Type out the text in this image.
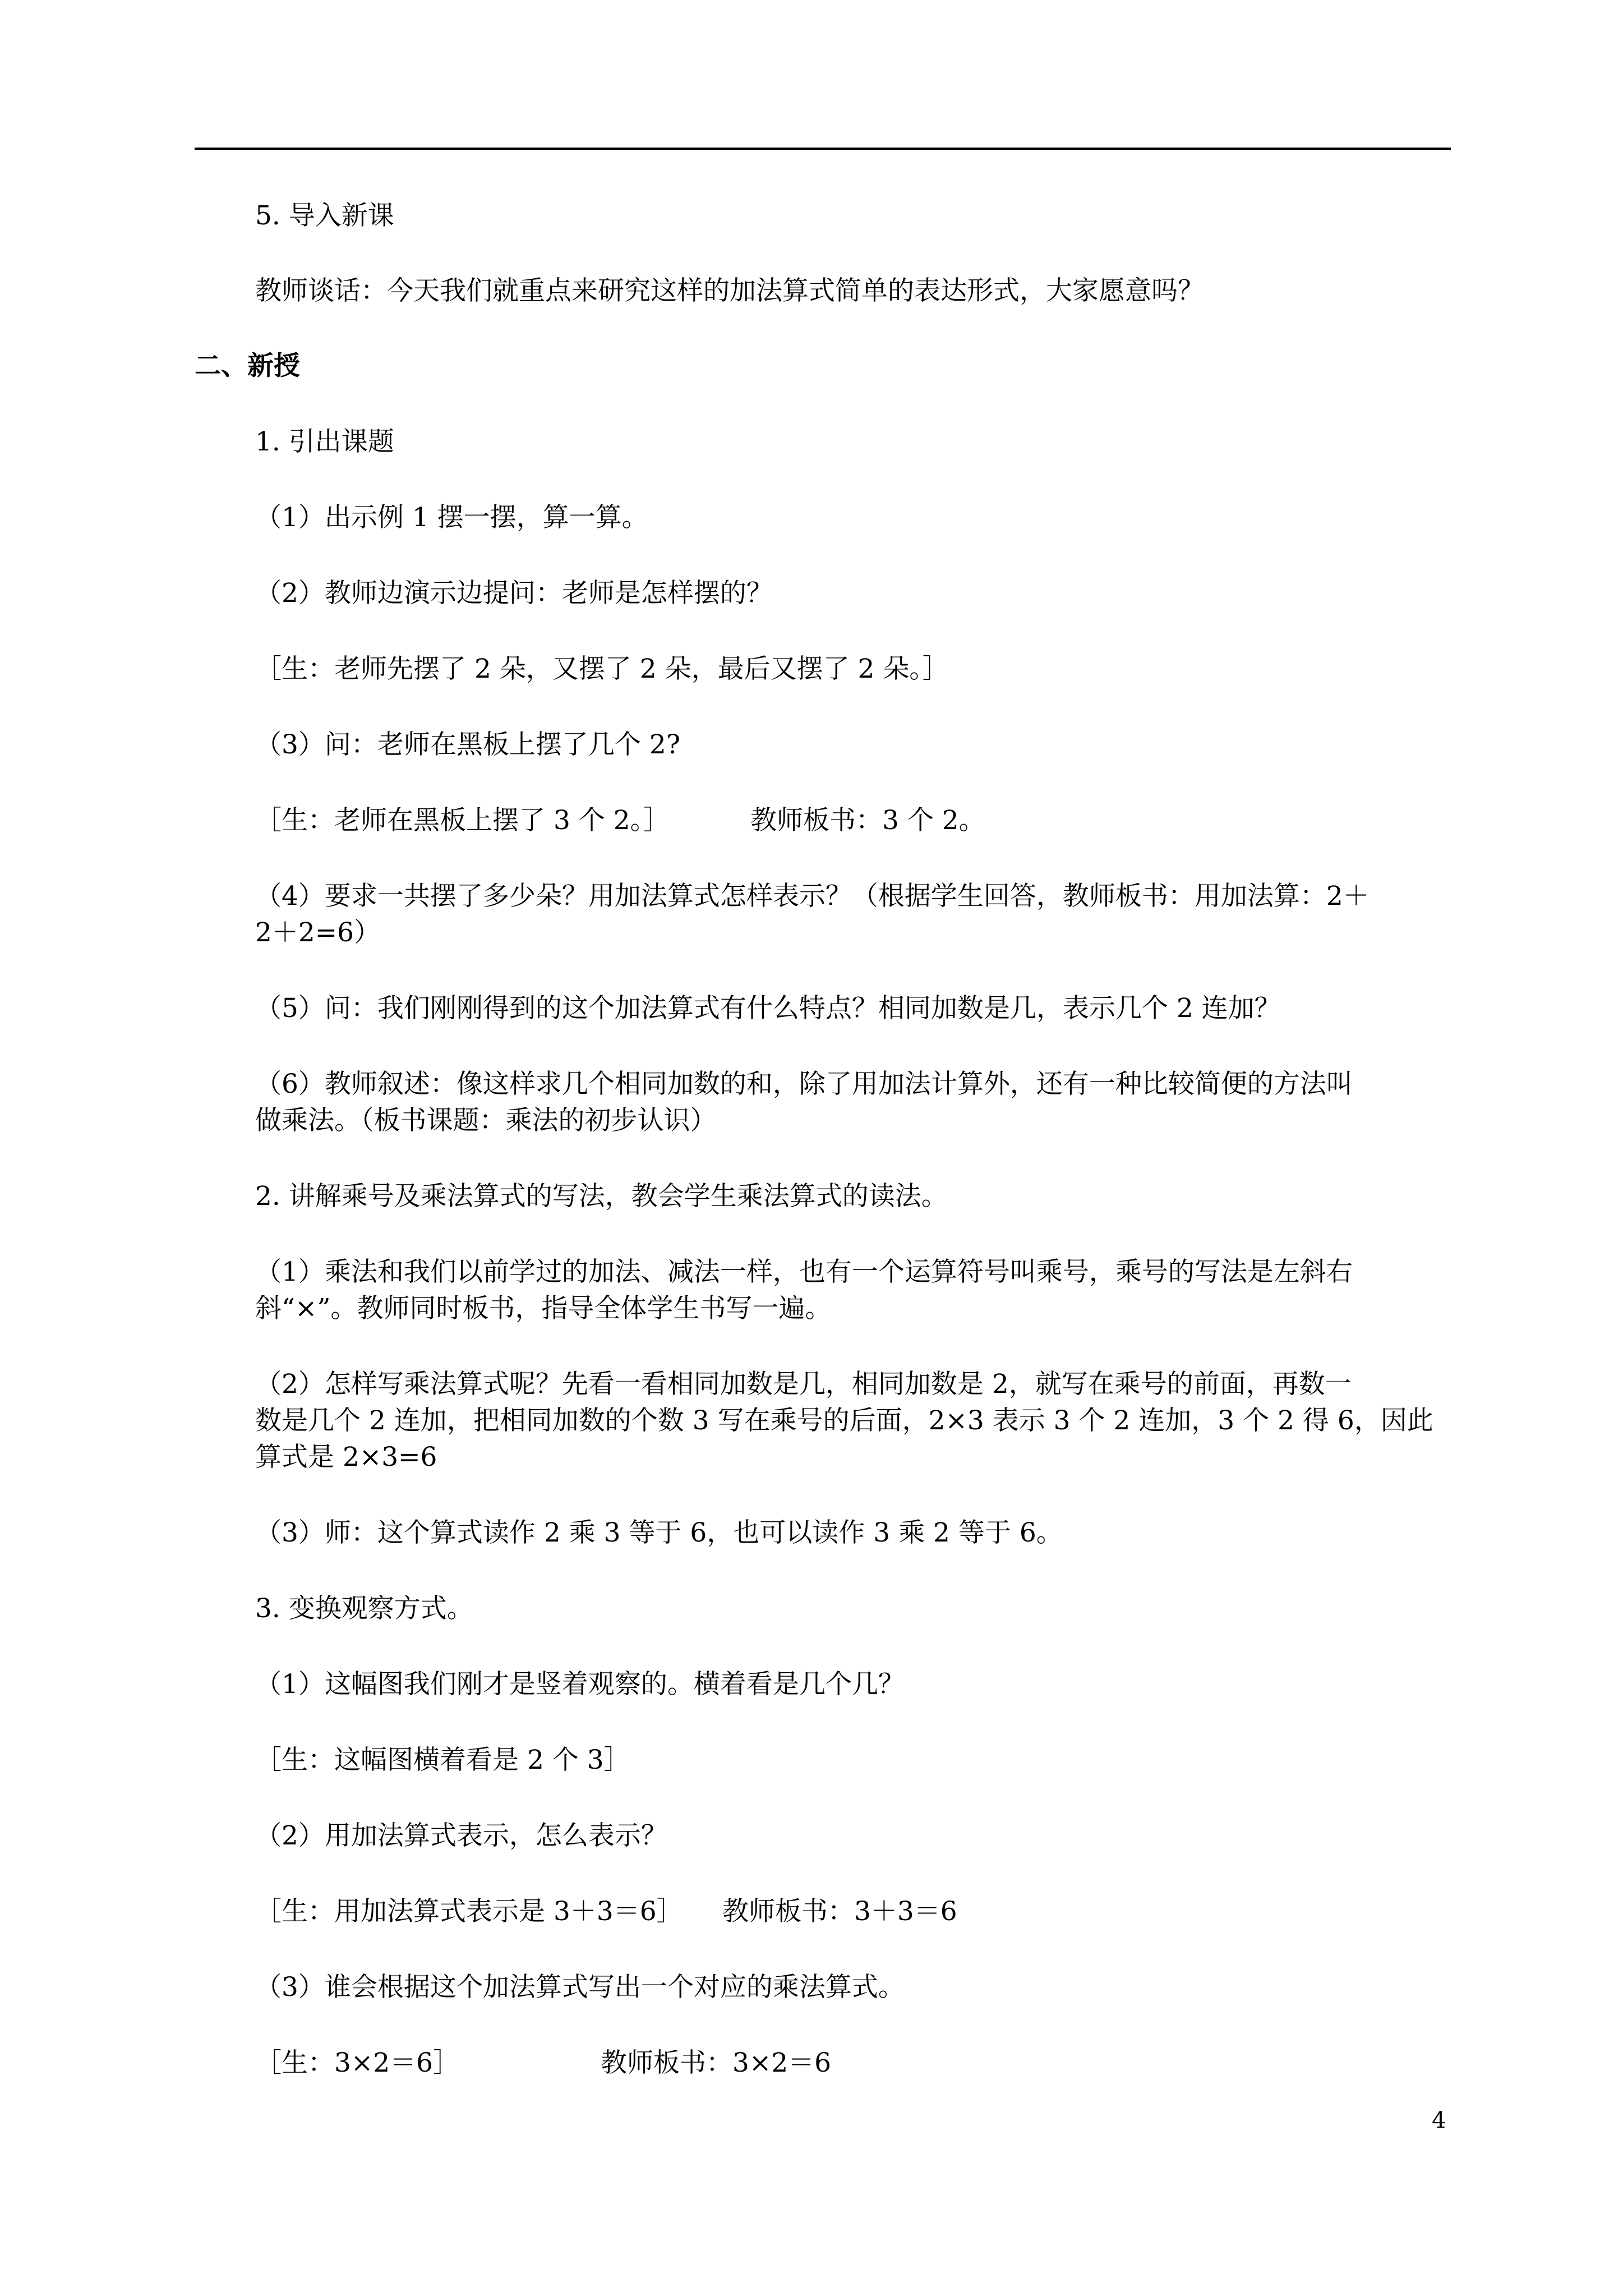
5. 导入新课

教师谈话：今天我们就重点来研究这样的加法算式简单的表达形式，大家愿意吗？

二、新授

1. 引出课题

（1）出示例 1 摆一摆，算一算。

（2）教师边演示边提问：老师是怎样摆的？

［生：老师先摆了 2 朵，又摆了 2 朵，最后又摆了 2 朵。］

（3）问：老师在黑板上摆了几个 2?

［生：老师在黑板上摆了 3 个 2。］	教师板书：3 个 2。

（4）要求一共摆了多少朵？用加法算式怎样表示？（根据学生回答，教师板书：用加法算：2＋

2＋2=6）

（5）问：我们刚刚得到的这个加法算式有什么特点？相同加数是几，表示几个 2 连加？

（6）教师叙述：像这样求几个相同加数的和，除了用加法计算外，还有一种比较简便的方法叫

做乘法。（板书课题：乘法的初步认识）

2. 讲解乘号及乘法算式的写法，教会学生乘法算式的读法。

（1）乘法和我们以前学过的加法、减法一样，也有一个运算符号叫乘号，乘号的写法是左斜右

斜“×”。教师同时板书，指导全体学生书写一遍。

（2）怎样写乘法算式呢？先看一看相同加数是几，相同加数是 2，就写在乘号的前面，再数一

数是几个 2 连加，把相同加数的个数 3 写在乘号的后面，2×3 表示 3 个 2 连加，3 个 2 得 6，因此

算式是 2×3=6

（3）师：这个算式读作 2 乘 3 等于 6，也可以读作 3 乘 2 等于 6。

3. 变换观察方式。

（1）这幅图我们刚才是竖着观察的。横着看是几个几？

［生：这幅图横着看是 2 个 3］

（2）用加法算式表示，怎么表示？

［生：用加法算式表示是 3＋3＝6］ 教师板书：3＋3＝6

（3）谁会根据这个加法算式写出一个对应的乘法算式。

［生：3×2＝6］	教师板书：3×2＝6

4
